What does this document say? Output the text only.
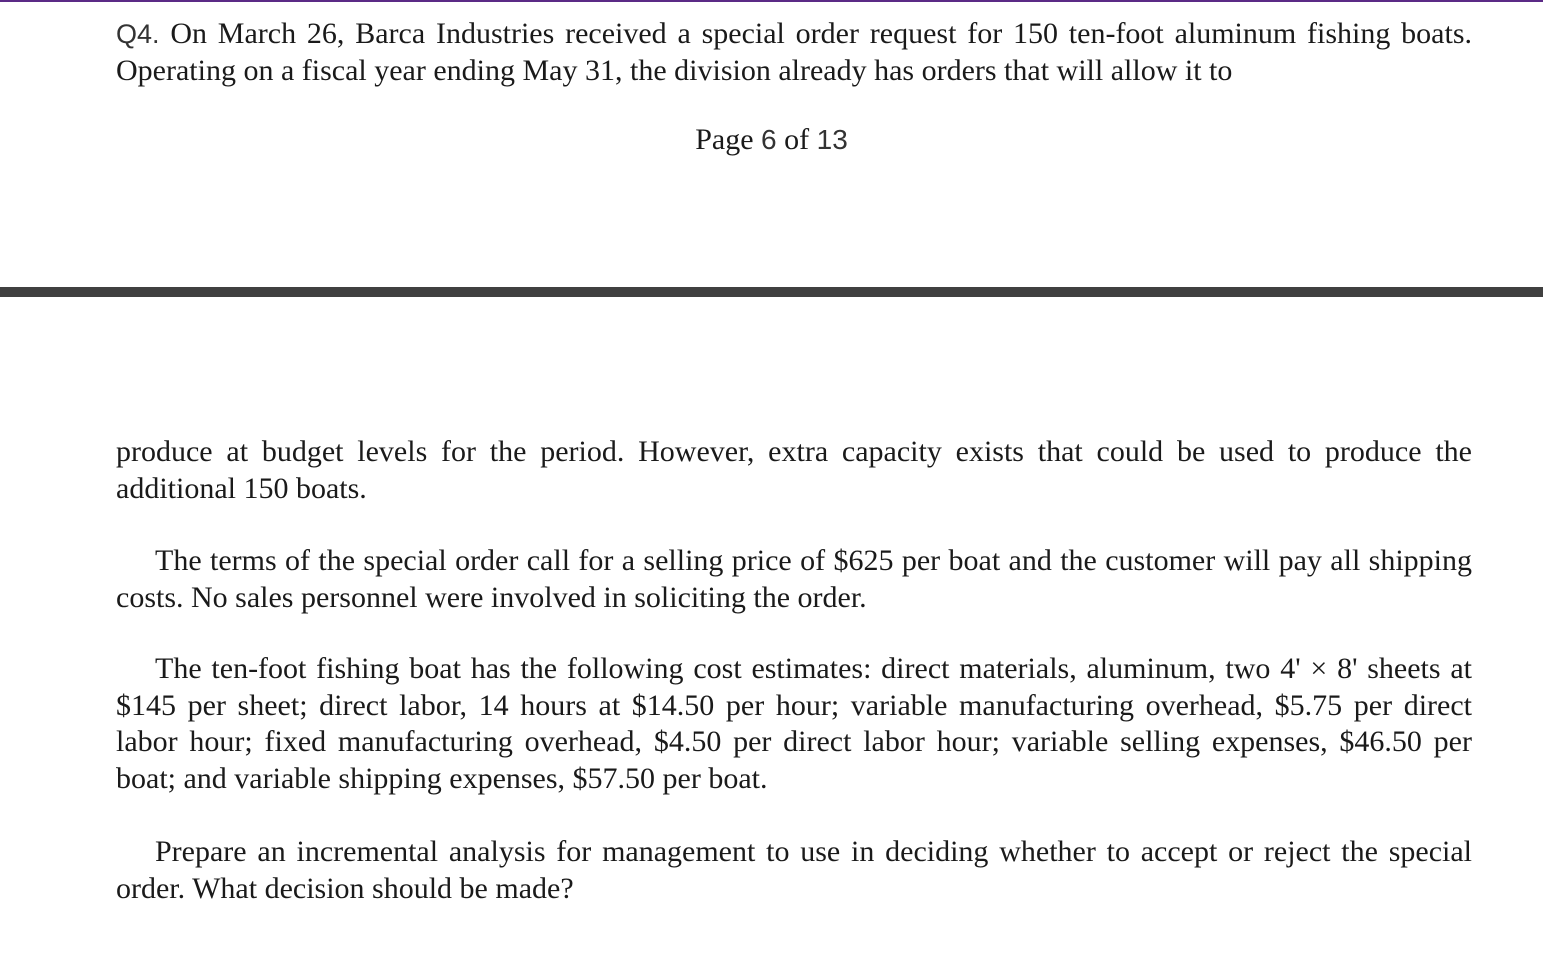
Q4. On March 26, Barca Industries received a special order request for 150 ten-foot aluminum fishing boats. Operating on a fiscal year ending May 31, the division already has orders that will allow it to

Page 6 of 13

produce at budget levels for the period. However, extra capacity exists that could be used to produce the additional 150 boats.

The terms of the special order call for a selling price of $625 per boat and the customer will pay all shipping costs. No sales personnel were involved in soliciting the order.

The ten-foot fishing boat has the following cost estimates: direct materials, aluminum, two 4' × 8' sheets at $145 per sheet; direct labor, 14 hours at $14.50 per hour; variable manufacturing overhead, $5.75 per direct labor hour; fixed manufacturing overhead, $4.50 per direct labor hour; variable selling expenses, $46.50 per boat; and variable shipping expenses, $57.50 per boat.

Prepare an incremental analysis for management to use in deciding whether to accept or reject the special order. What decision should be made?
